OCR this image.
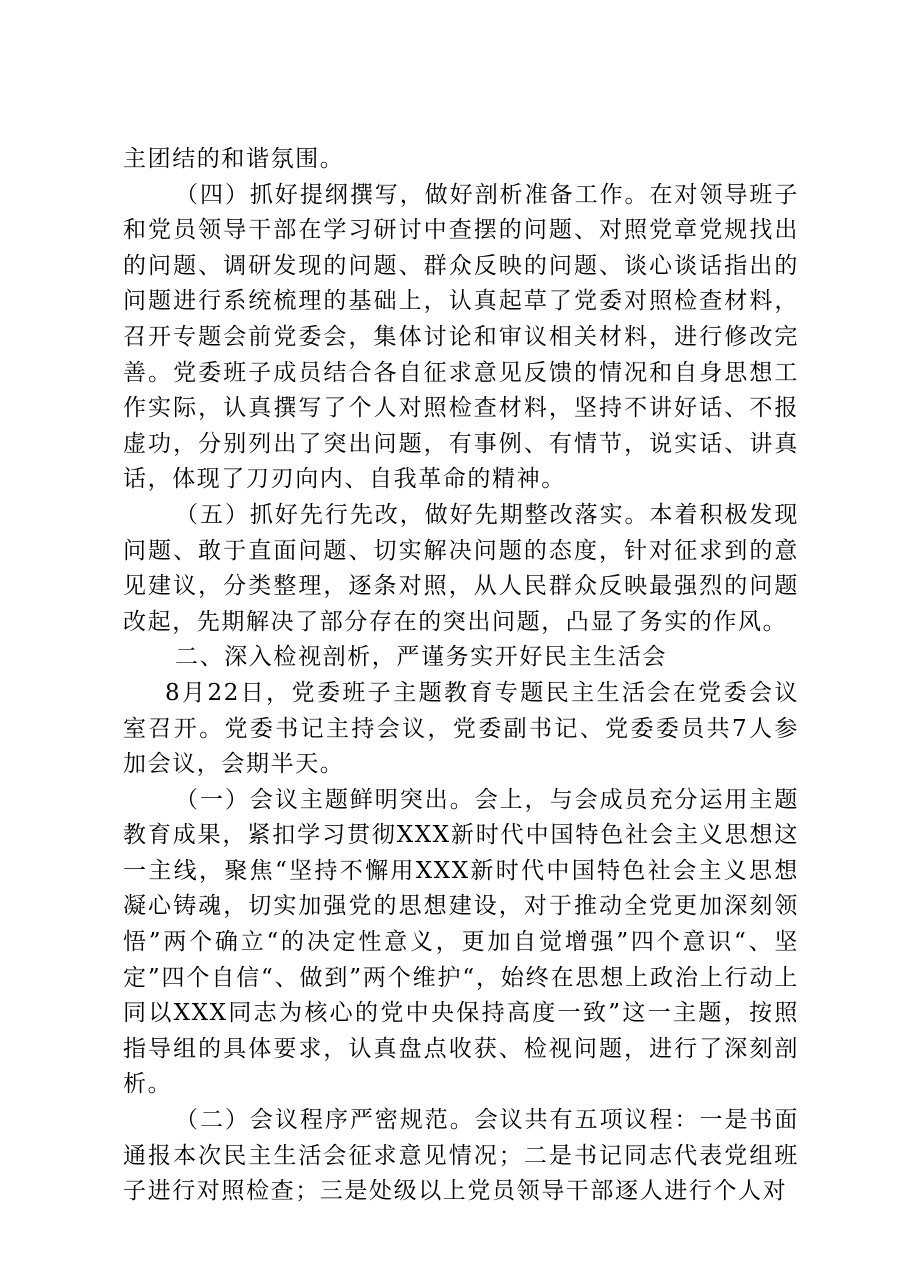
主团结的和谐氛围。

（四）抓好提纲撰写，做好剖析准备工作。在对领导班子和党员领导干部在学习研讨中查摆的问题、对照党章党规找出的问题、调研发现的问题、群众反映的问题、谈心谈话指出的问题进行系统梳理的基础上，认真起草了党委对照检查材料，召开专题会前党委会，集体讨论和审议相关材料，进行修改完善。党委班子成员结合各自征求意见反馈的情况和自身思想工作实际，认真撰写了个人对照检查材料，坚持不讲好话、不报虚功，分别列出了突出问题，有事例、有情节，说实话、讲真话，体现了刀刃向内、自我革命的精神。

（五）抓好先行先改，做好先期整改落实。本着积极发现问题、敢于直面问题、切实解决问题的态度，针对征求到的意见建议，分类整理，逐条对照，从人民群众反映最强烈的问题改起，先期解决了部分存在的突出问题，凸显了务实的作风。

二、深入检视剖析，严谨务实开好民主生活会

8月22日，党委班子主题教育专题民主生活会在党委会议室召开。党委书记主持会议，党委副书记、党委委员共7人参加会议，会期半天。

（一）会议主题鲜明突出。会上，与会成员充分运用主题教育成果，紧扣学习贯彻XXX新时代中国特色社会主义思想这一主线，聚焦“坚持不懈用XXX新时代中国特色社会主义思想凝心铸魂，切实加强党的思想建设，对于推动全党更加深刻领悟”两个确立“的决定性意义，更加自觉增强”四个意识“、坚定”四个自信“、做到”两个维护“，始终在思想上政治上行动上同以XXX同志为核心的党中央保持高度一致”这一主题，按照指导组的具体要求，认真盘点收获、检视问题，进行了深刻剖析。

（二）会议程序严密规范。会议共有五项议程：一是书面通报本次民主生活会征求意见情况；二是书记同志代表党组班子进行对照检查；三是处级以上党员领导干部逐人进行个人对
